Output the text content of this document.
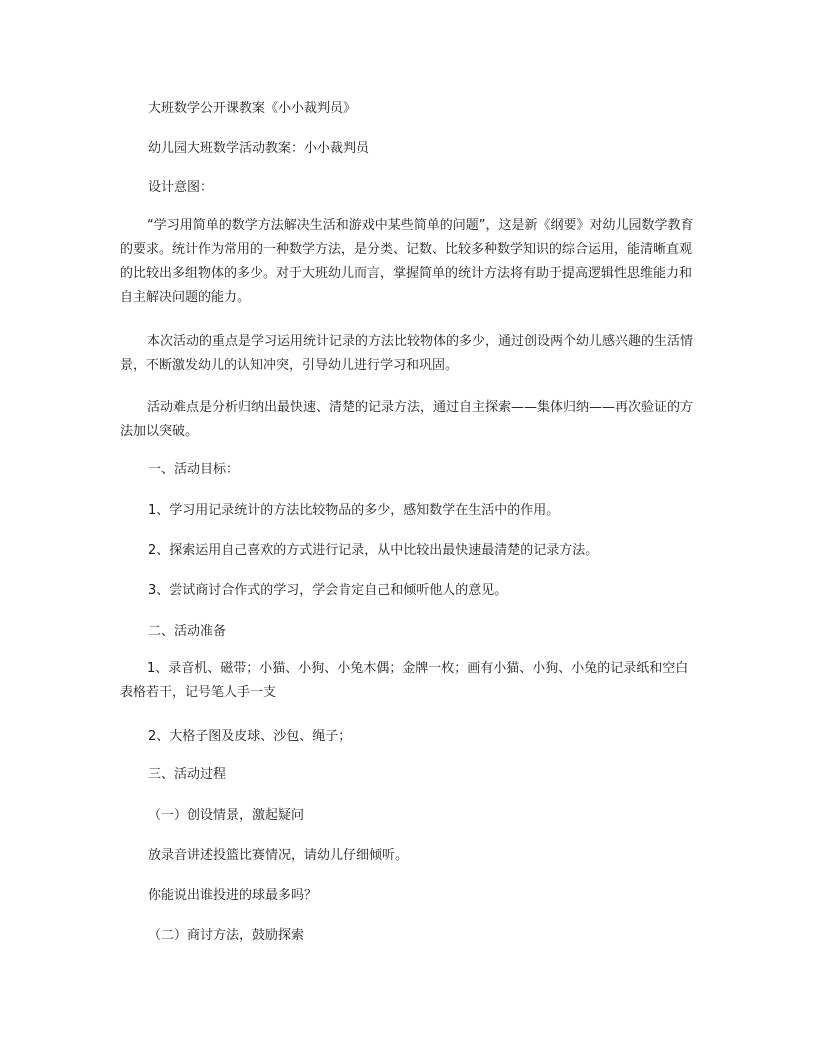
大班数学公开课教案《小小裁判员》

幼儿园大班数学活动教案：小小裁判员

设计意图：

“学习用简单的数学方法解决生活和游戏中某些简单的问题”，这是新《纲要》对幼儿园数学教育的要求。统计作为常用的一种数学方法，是分类、记数、比较多种数学知识的综合运用，能清晰直观的比较出多组物体的多少。对于大班幼儿而言，掌握简单的统计方法将有助于提高逻辑性思维能力和自主解决问题的能力。

本次活动的重点是学习运用统计记录的方法比较物体的多少，通过创设两个幼儿感兴趣的生活情景，不断激发幼儿的认知冲突，引导幼儿进行学习和巩固。

活动难点是分析归纳出最快速、清楚的记录方法，通过自主探索——集体归纳——再次验证的方法加以突破。

一、活动目标：

1、学习用记录统计的方法比较物品的多少，感知数学在生活中的作用。

2、探索运用自己喜欢的方式进行记录，从中比较出最快速最清楚的记录方法。

3、尝试商讨合作式的学习，学会肯定自己和倾听他人的意见。

二、活动准备

1、录音机、磁带；小猫、小狗、小兔木偶；金牌一枚；画有小猫、小狗、小兔的记录纸和空白表格若干，记号笔人手一支

2、大格子图及皮球、沙包、绳子；

三、活动过程

（一）创设情景，激起疑问

放录音讲述投篮比赛情况，请幼儿仔细倾听。

你能说出谁投进的球最多吗？

（二）商讨方法，鼓励探索
